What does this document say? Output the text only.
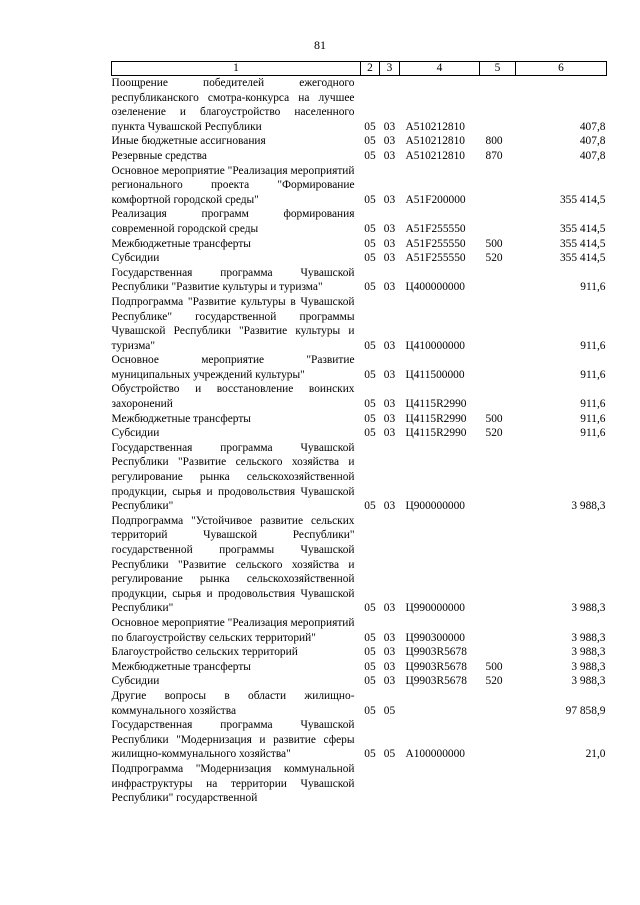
81
1	2	3	4	5	6
Поощрение победителей ежегодного республиканского смотра-конкурса на лучшее озеленение и благоустройство населенного пункта Чувашской Республики	05	03	А510212810		407,8
Иные бюджетные ассигнования	05	03	А510212810	800	407,8
Резервные средства	05	03	А510212810	870	407,8
Основное мероприятие "Реализация мероприятий регионального проекта "Формирование комфортной городской среды"	05	03	А51F200000		355 414,5
Реализация программ формирования современной городской среды	05	03	А51F255550		355 414,5
Межбюджетные трансферты	05	03	А51F255550	500	355 414,5
Субсидии	05	03	А51F255550	520	355 414,5
Государственная программа Чувашской Республики "Развитие культуры и туризма"	05	03	Ц400000000		911,6
Подпрограмма "Развитие культуры в Чувашской Республике" государственной программы Чувашской Республики "Развитие культуры и туризма"	05	03	Ц410000000		911,6
Основное мероприятие "Развитие муниципальных учреждений культуры"	05	03	Ц411500000		911,6
Обустройство и восстановление воинских захоронений	05	03	Ц4115R2990		911,6
Межбюджетные трансферты	05	03	Ц4115R2990	500	911,6
Субсидии	05	03	Ц4115R2990	520	911,6
Государственная программа Чувашской Республики "Развитие сельского хозяйства и регулирование рынка сельскохозяйственной продукции, сырья и продовольствия Чувашской Республики"	05	03	Ц900000000		3 988,3
Подпрограмма "Устойчивое развитие сельских территорий Чувашской Республики" государственной программы Чувашской Республики "Развитие сельского хозяйства и регулирование рынка сельскохозяйственной продукции, сырья и продовольствия Чувашской Республики"	05	03	Ц990000000		3 988,3
Основное мероприятие "Реализация мероприятий по благоустройству сельских территорий"	05	03	Ц990300000		3 988,3
Благоустройство сельских территорий	05	03	Ц9903R5678		3 988,3
Межбюджетные трансферты	05	03	Ц9903R5678	500	3 988,3
Субсидии	05	03	Ц9903R5678	520	3 988,3
Другие вопросы в области жилищно-коммунального хозяйства	05	05			97 858,9
Государственная программа Чувашской Республики "Модернизация и развитие сферы жилищно-коммунального хозяйства"	05	05	А100000000		21,0
Подпрограмма "Модернизация коммунальной инфраструктуры на территории Чувашской Республики" государственной					
